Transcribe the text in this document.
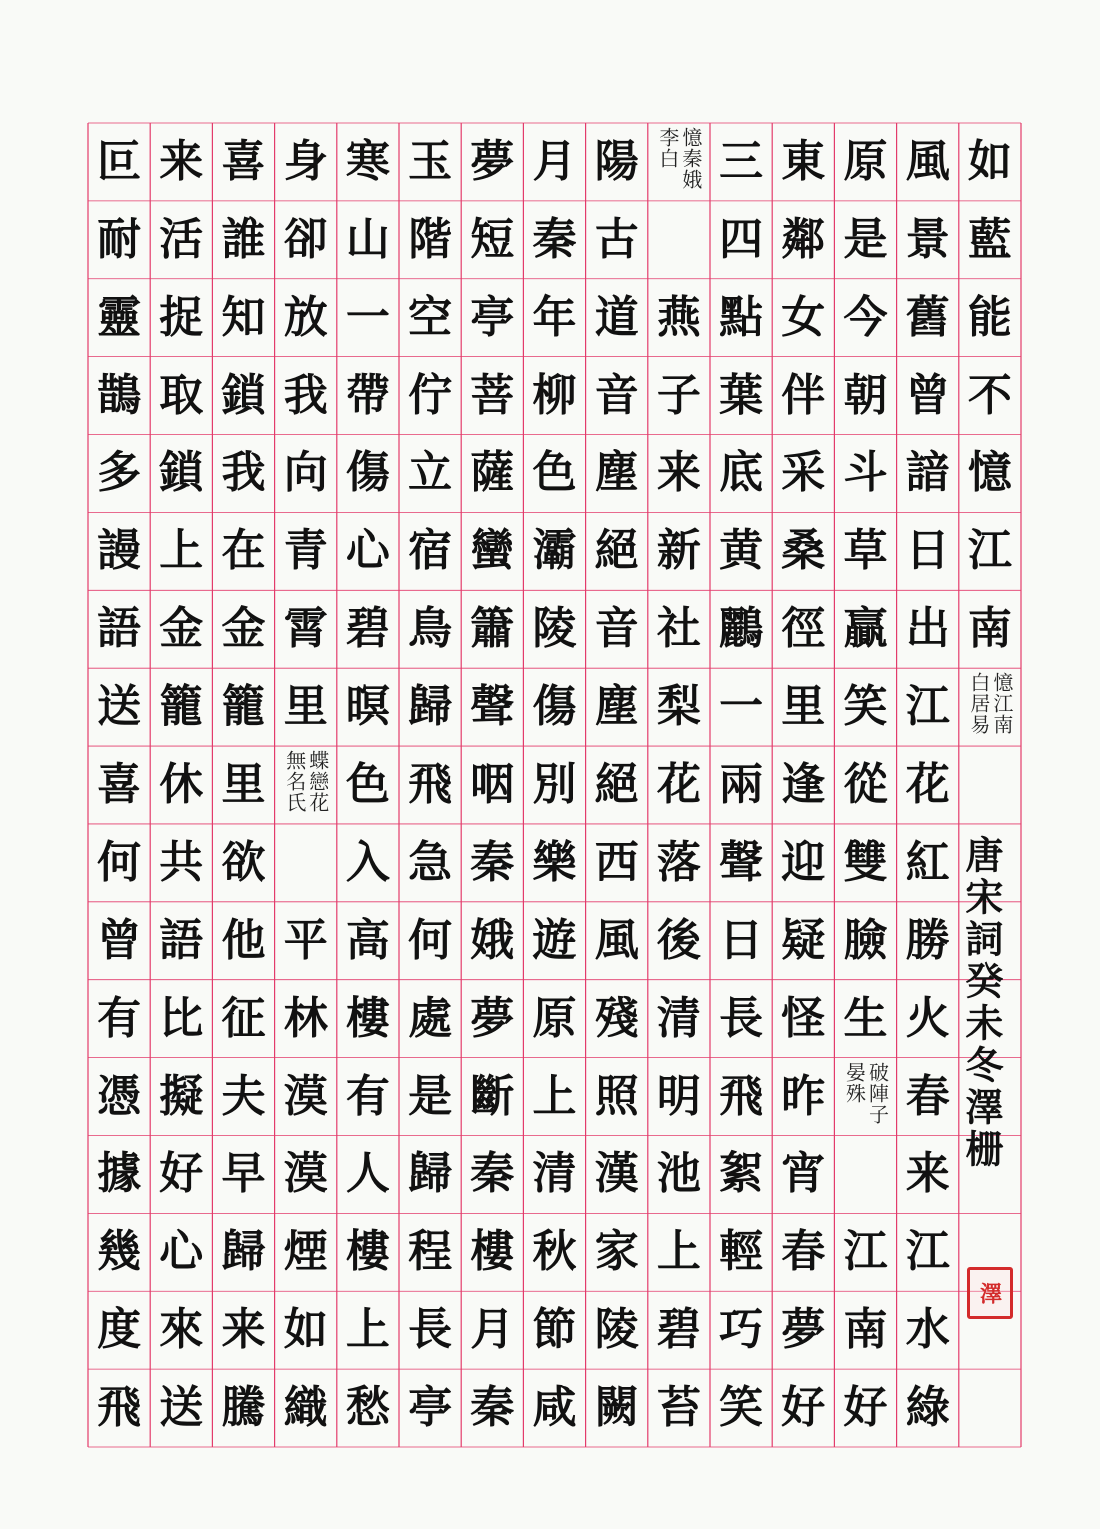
如
藍
能
不
憶
江
南
憶江南
白居易
風
景
舊
曾
諳
日
出
江
花
紅
勝
火
春
来
江
水
綠
原
是
今
朝
斗
草
贏
笑
從
雙
臉
生
破陣子
晏殊
江
南
好
東
鄰
女
伴
采
桑
徑
里
逢
迎
疑
怪
昨
宵
春
夢
好
三
四
點
葉
底
黄
鸝
一
兩
聲
日
長
飛
絮
輕
巧
笑
憶秦娥
李白
燕
子
来
新
社
梨
花
落
後
清
明
池
上
碧
苔
陽
古
道
音
塵
絕
音
塵
絕
西
風
殘
照
漢
家
陵
闕
月
秦
年
柳
色
灞
陵
傷
別
樂
遊
原
上
清
秋
節
咸
夢
短
亭
菩
薩
蠻
簫
聲
咽
秦
娥
夢
斷
秦
樓
月
秦
玉
階
空
佇
立
宿
鳥
歸
飛
急
何
處
是
歸
程
長
亭
寒
山
一
帶
傷
心
碧
暝
色
入
高
樓
有
人
樓
上
愁
身
卻
放
我
向
青
霄
里
蝶戀花
無名氏
平
林
漠
漠
煙
如
織
喜
誰
知
鎖
我
在
金
籠
里
欲
他
征
夫
早
歸
来
騰
来
活
捉
取
鎖
上
金
籠
休
共
語
比
擬
好
心
來
送
叵
耐
靈
鵲
多
謾
語
送
喜
何
曾
有
憑
據
幾
度
飛
唐宋詞癸未冬澤栅
澤
